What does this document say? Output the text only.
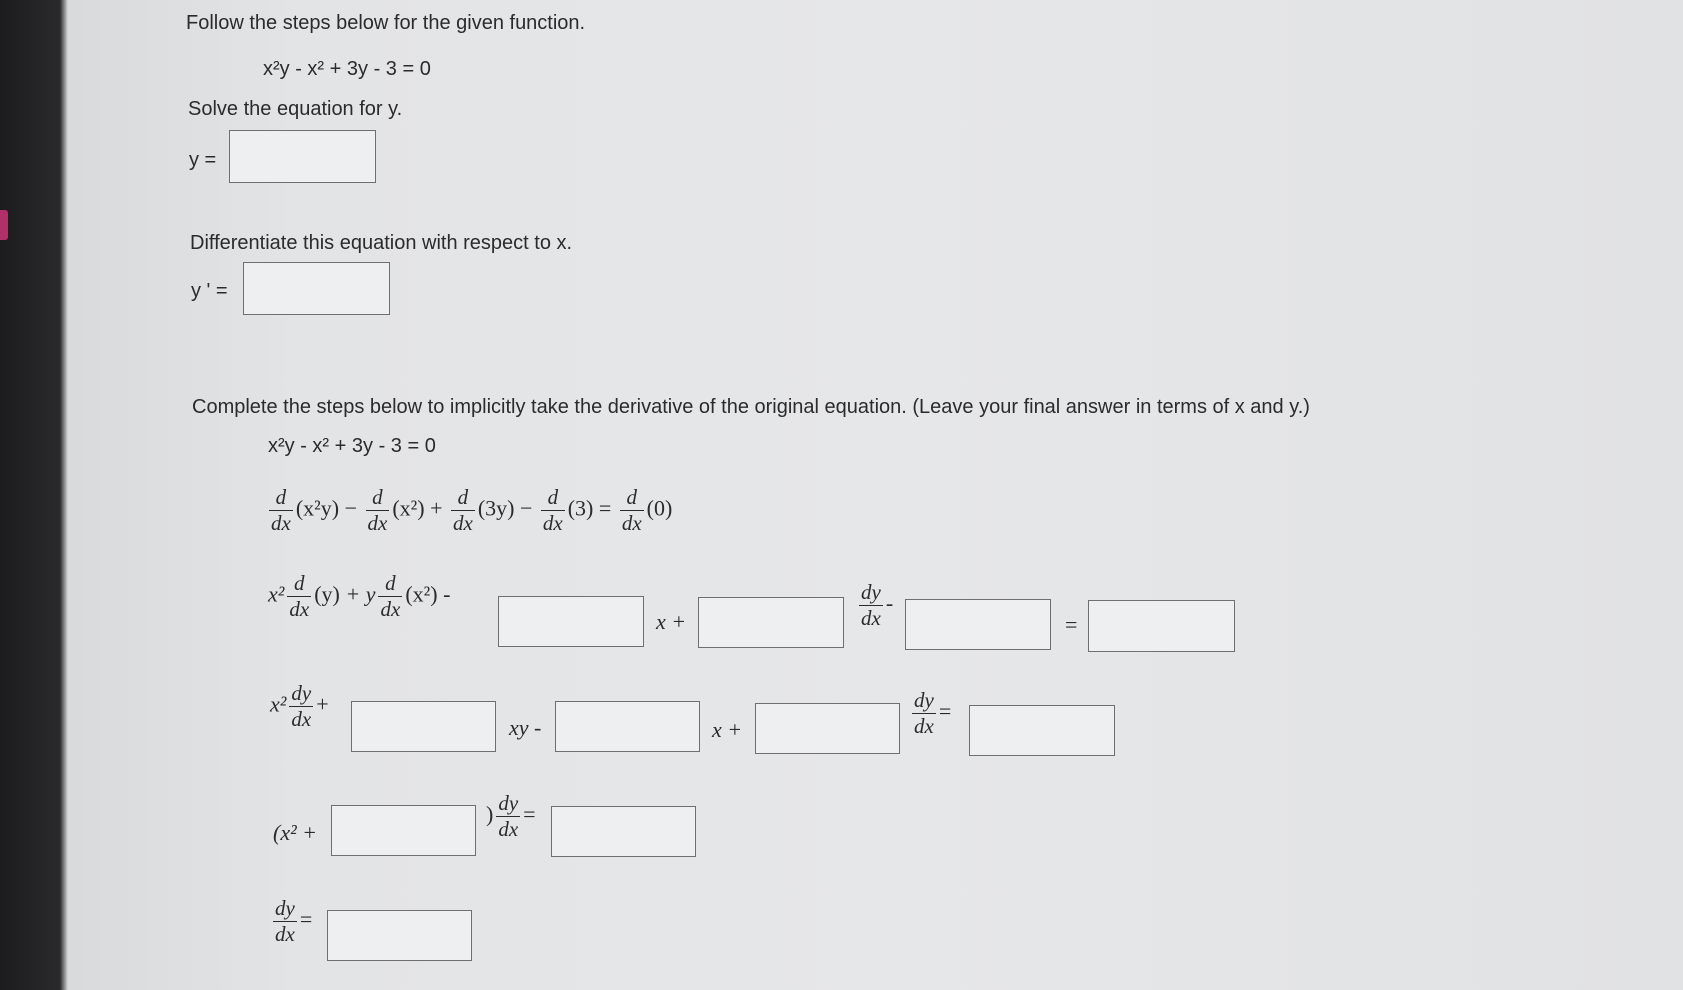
Follow the steps below for the given function.
x²y - x² + 3y - 3 = 0
Solve the equation for y.
y =
Differentiate this equation with respect to x.
y ' =
Complete the steps below to implicitly take the derivative of the original equation. (Leave your final answer in terms of x and y.)
x²y - x² + 3y - 3 = 0
$\frac{d}{dx} (x^2y) - \frac{d}{dx} (x^2) + \frac{d}{dx} (3y) - \frac{d}{dx} (3) = \frac{d}{dx} (0)$
$x^2 \frac{d}{dx} (y) + y \frac{d}{dx} (x^2)$ -
x +	$\frac{dy}{dx}$ -
=
$x^2 \frac{dy}{dx}$ +
xy -	x +	$\frac{dy}{dx}$ =
(x² +
) $\frac{dy}{dx}$ =
$\frac{dy}{dx}$ =
